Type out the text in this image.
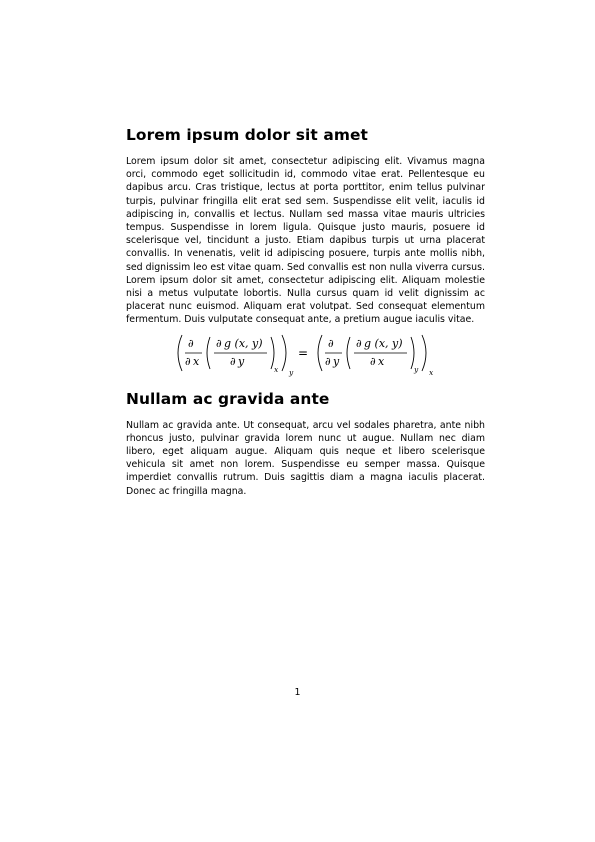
Lorem ipsum dolor sit amet

Lorem ipsum dolor sit amet, consectetur adipiscing elit. Vivamus magna orci, commodo eget sollicitudin id, commodo vitae erat. Pellentesque eu dapibus arcu. Cras tristique, lectus at porta porttitor, enim tellus pulvinar turpis, pulvinar fringilla elit erat sed sem. Suspendisse elit velit, iaculis id adipiscing in, convallis et lectus. Nullam sed massa vitae mauris ultricies tempus. Suspendisse in lorem ligula. Quisque justo mauris, posuere id scelerisque vel, tincidunt a justo. Etiam dapibus turpis ut urna placerat convallis. In venenatis, velit id adipiscing posuere, turpis ante mollis nibh, sed dignissim leo est vitae quam. Sed convallis est non nulla viverra cursus. Lorem ipsum dolor sit amet, consectetur adipiscing elit. Aliquam molestie nisi a metus vulputate lobortis. Nulla cursus quam id velit dignissim ac placerat nunc euismod. Aliquam erat volutpat. Sed consequat elementum fermentum. Duis vulputate consequat ante, a pretium augue iaculis vitae.

∂
∂ x
∂ g (x, y)
∂ y
x y
=
∂
∂ y
∂ g (x, y)
∂ x
y x
Nullam ac gravida ante

Nullam ac gravida ante. Ut consequat, arcu vel sodales pharetra, ante nibh rhoncus justo, pulvinar gravida lorem nunc ut augue. Nullam nec diam libero, eget aliquam augue. Aliquam quis neque et libero scelerisque vehicula sit amet non lorem. Suspendisse eu semper massa. Quisque imperdiet convallis rutrum. Duis sagittis diam a magna iaculis placerat. Donec ac fringilla magna.

1
